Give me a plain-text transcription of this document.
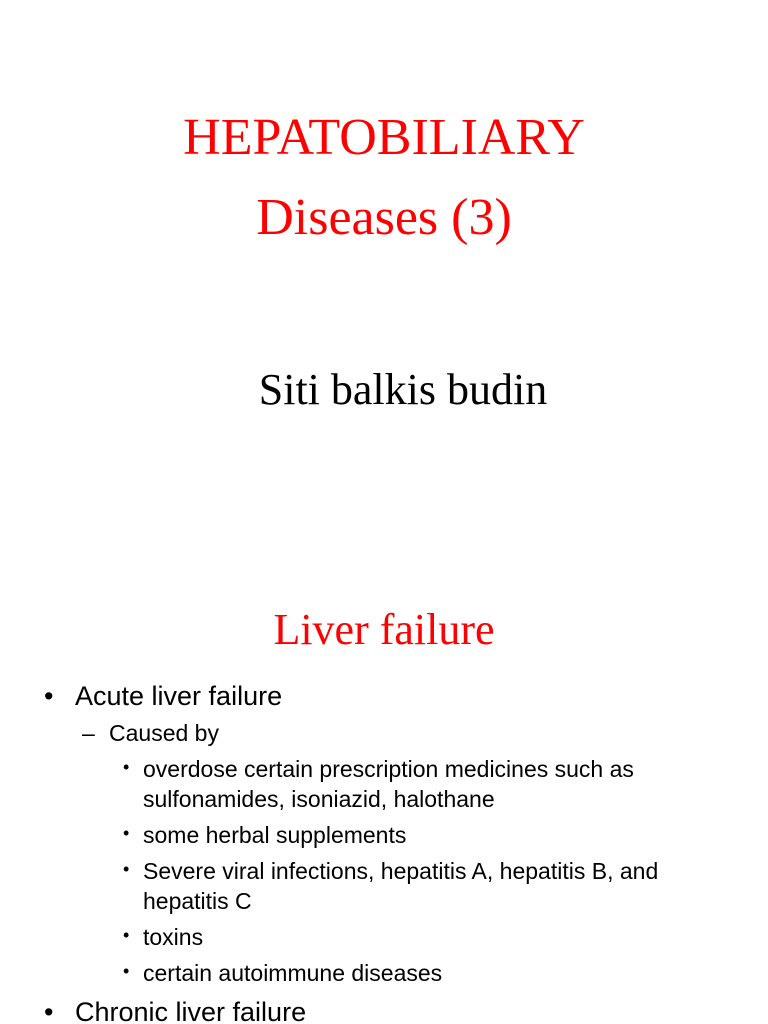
HEPATOBILIARY
Diseases (3)
Siti balkis budin
Liver failure
• Acute liver failure
– Caused by
• overdose certain prescription medicines such as sulfonamides, isoniazid, halothane
• some herbal supplements
• Severe viral infections, hepatitis A, hepatitis B, and hepatitis C
• toxins
• certain autoimmune diseases
• Chronic liver failure
